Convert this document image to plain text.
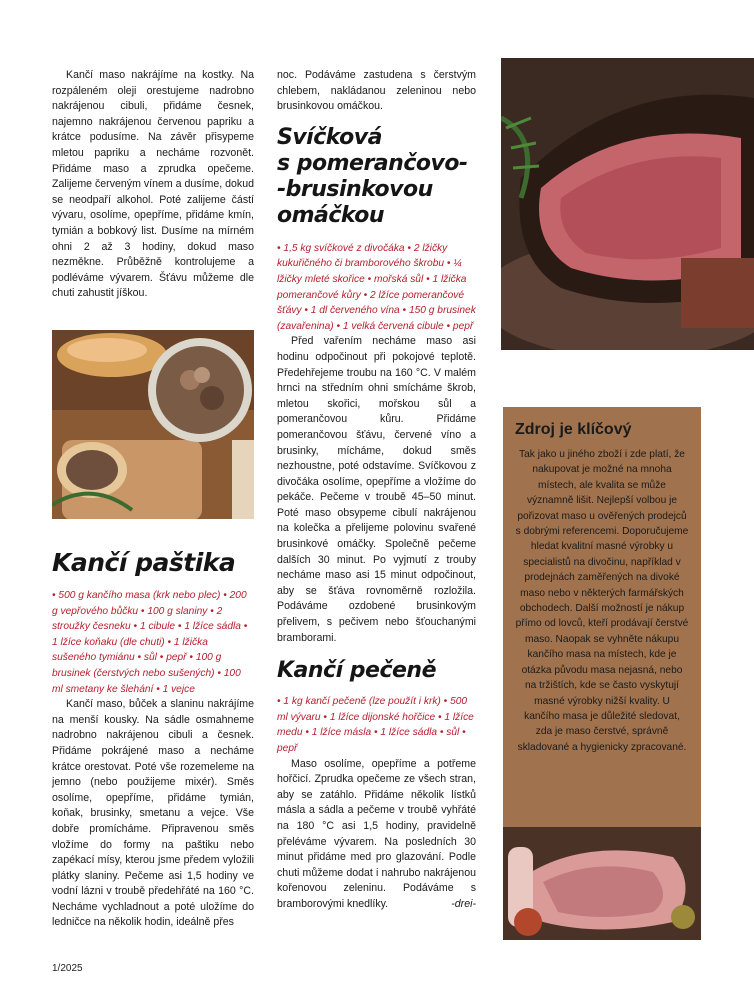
Kančí maso nakrájíme na kostky. Na rozpáleném oleji orestujeme nadrobno nakrájenou cibuli, přidáme česnek, najemno nakrájenou červenou papriku a krátce podusíme. Na závěr přisypeme mletou papriku a necháme rozvonět. Přidáme maso a zprudka opečeme. Zalijeme červeným vínem a dusíme, dokud se neodpaří alkohol. Poté zalijeme částí vývaru, osolíme, opepříme, přidáme kmín, tymián a bobkový list. Dusíme na mírném ohni 2 až 3 hodiny, dokud maso nezměkne. Průběžně kontrolujeme a podléváme vývarem. Šťávu můžeme dle chuti zahustit jíškou.

Kančí paštika

• 500 g kančího masa (krk nebo plec) • 200 g vepřového bůčku • 100 g slaniny • 2 stroužky česneku • 1 cibule • 1 lžíce sádla • 1 lžíce koňaku (dle chuti) • 1 lžička sušeného tymiánu • sůl • pepř • 100 g brusinek (čerstvých nebo sušených) • 100 ml smetany ke šlehání • 1 vejce

Kančí maso, bůček a slaninu nakrájíme na menší kousky. Na sádle osmahneme nadrobno nakrájenou cibuli a česnek. Přidáme pokrájené maso a necháme krátce orestovat. Poté vše rozemeleme na jemno (nebo použijeme mixér). Směs osolíme, opepříme, přidáme tymián, koňak, brusinky, smetanu a vejce. Vše dobře promícháme. Připravenou směs vložíme do formy na paštiku nebo zapékací mísy, kterou jsme předem vyložili plátky slaniny. Pečeme asi 1,5 hodiny ve vodní lázni v troubě předehřáté na 160 °C. Necháme vychladnout a poté uložíme do ledničce na několik hodin, ideálně přes

noc. Podáváme zastudena s čerstvým chlebem, nakládanou zeleninou nebo brusinkovou omáčkou.

Svíčková
s pomerančovo-
-brusinkovou
omáčkou

• 1,5 kg svíčkové z divočáka • 2 lžičky kukuřičného či bramborového škrobu • ¼ lžičky mleté skořice • mořská sůl • 1 lžička pomerančové kůry • 2 lžíce pomerančové šťávy • 1 dl červeného vína • 150 g brusinek (zavařenina) • 1 velká červená cibule • pepř

Před vařením necháme maso asi hodinu odpočinout při pokojové teplotě. Předehřejeme troubu na 160 °C. V malém hrnci na středním ohni smícháme škrob, mletou skořici, mořskou sůl a pomerančovou kůru. Přidáme pomerančovou šťávu, červené víno a brusinky, mícháme, dokud směs nezhoustne, poté odstavíme. Svíčkovou z divočáka osolíme, opepříme a vložíme do pekáče. Pečeme v troubě 45–50 minut. Poté maso obsypeme cibulí nakrájenou na kolečka a přelijeme polovinu svařené brusinkové omáčky. Společně pečeme dalších 30 minut. Po vyjmutí z trouby necháme maso asi 15 minut odpočinout, aby se šťáva rovnoměrně rozložila. Podáváme ozdobené brusinkovým přelivem, s pečivem nebo šťouchanými bramborami.

Kančí pečeně

• 1 kg kančí pečeně (lze použít i krk) • 500 ml vývaru • 1 lžíce dijonské hořčice • 1 lžíce medu • 1 lžíce másla • 1 lžíce sádla • sůl • pepř

Maso osolíme, opepříme a potřeme hořčicí. Zprudka opečeme ze všech stran, aby se zatáhlo. Přidáme několik lístků másla a sádla a pečeme v troubě vyhřáté na 180 °C asi 1,5 hodiny, pravidelně přeléváme vývarem. Na posledních 30 minut přidáme med pro glazování. Podle chuti můžeme dodat i nahrubo nakrájenou kořenovou zeleninu. Podáváme s bramborovými knedlíky.	-drei-

Zdroj je klíčový

Tak jako u jiného zboží i zde platí, že nakupovat je možné na mnoha místech, ale kvalita se může významně lišit. Nejlepší volbou je pořizovat maso u ověřených prodejců s dobrými referencemi. Doporučujeme hledat kvalitní masné výrobky u specialistů na divočinu, například v prodejnách zaměřených na divoké maso nebo v některých farmářských obchodech. Další možností je nákup přímo od lovců, kteří prodávají čerstvé maso. Naopak se vyhněte nákupu kančího masa na místech, kde je otázka původu masa nejasná, nebo na tržištích, kde se často vyskytují masné výrobky nižší kvality. U kančího masa je důležité sledovat, zda je maso čerstvé, správně skladované a hygienicky zpracované.

1/2025
